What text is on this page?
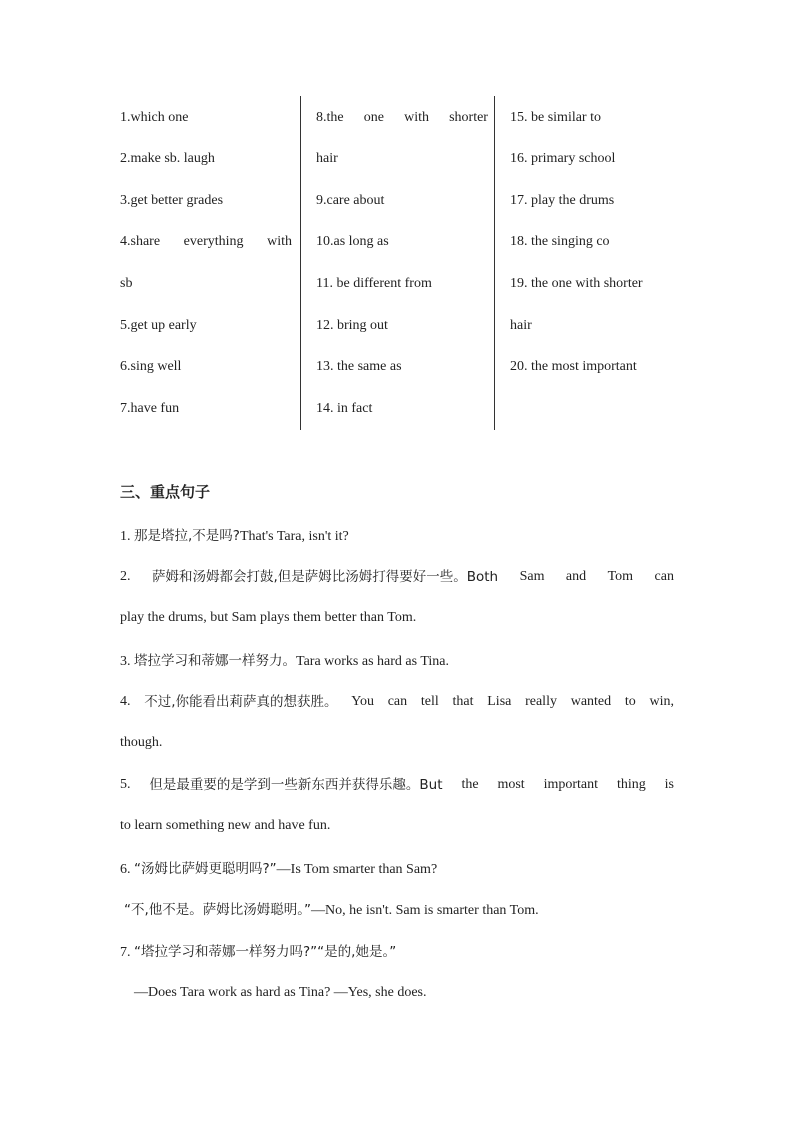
1.which one
2.make sb. laugh
3.get better grades
4.share everything with
sb
5.get up early
6.sing well
7.have fun
8.the one with shorter
hair
9.care about
10.as long as
11. be different from
12. bring out
13. the same as
14. in fact
15. be similar to
16. primary school
17. play the drums
18. the singing co
19. the one with shorter
hair
20. the most important
三、重点句子
1. 那是塔拉,不是吗?That's Tara, isn't it?
2. 萨姆和汤姆都会打鼓,但是萨姆比汤姆打得要好一些。Both Sam and Tom can
play the drums, but Sam plays them better than Tom.
3. 塔拉学习和蒂娜一样努力。Tara works as hard as Tina.
4. 不过,你能看出莉萨真的想获胜。 You can tell that Lisa really wanted to win,
though.
5. 但是最重要的是学到一些新东西并获得乐趣。But the most important thing is
to learn something new and have fun.
6. “汤姆比萨姆更聪明吗?”—Is Tom smarter than Sam?
“不,他不是。萨姆比汤姆聪明。”—No, he isn't. Sam is smarter than Tom.
7. “塔拉学习和蒂娜一样努力吗?”“是的,她是。”
—Does Tara work as hard as Tina? —Yes, she does.
